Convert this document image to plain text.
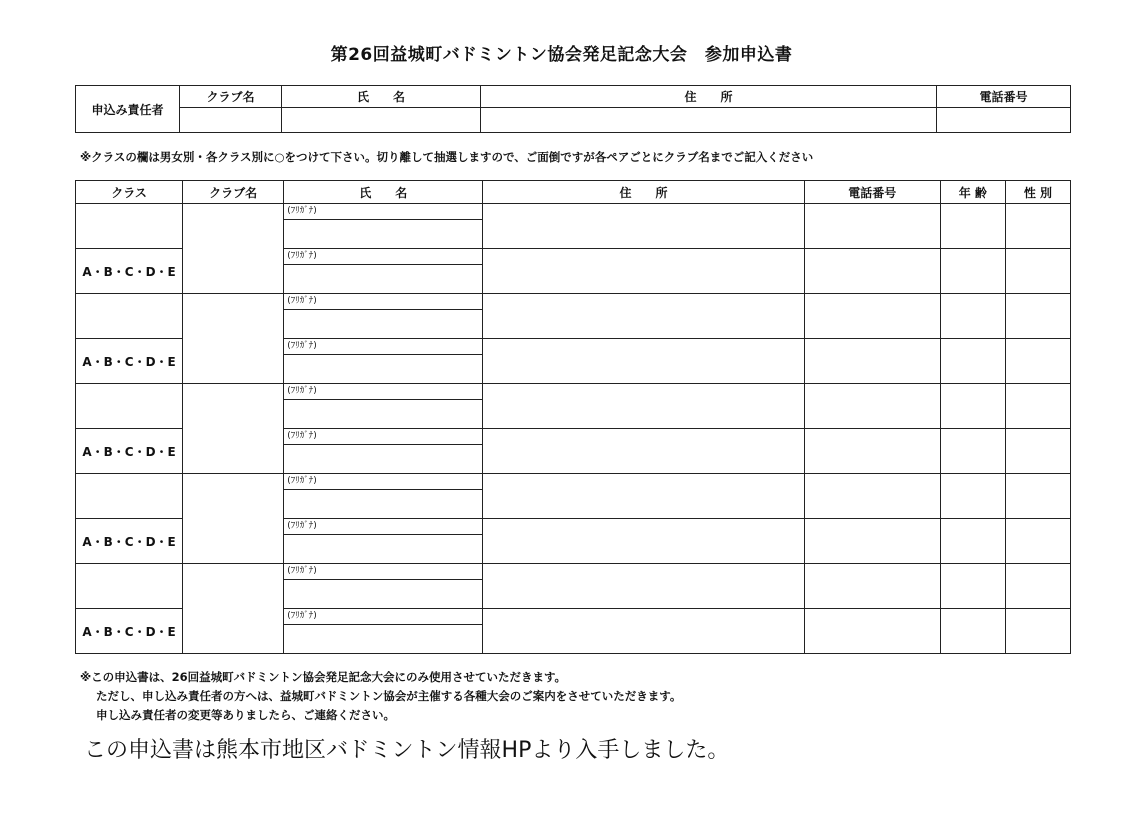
第26回益城町バドミントン協会発足記念大会　参加申込書
申込み責任者	クラブ名	氏　　名	住　　所	電話番号

※クラスの欄は男女別・各クラス別に○をつけて下さい。切り離して抽選しますので、ご面倒ですが各ペアごとにクラブ名までご記入ください
クラス	クラブ名	氏　　名	住　　所	電話番号	年 齢	性 別

		(ﾌﾘｶﾞﾅ)				

A・B・C・D・E		(ﾌﾘｶﾞﾅ)				

		(ﾌﾘｶﾞﾅ)				

A・B・C・D・E		(ﾌﾘｶﾞﾅ)				

		(ﾌﾘｶﾞﾅ)				

A・B・C・D・E		(ﾌﾘｶﾞﾅ)				

		(ﾌﾘｶﾞﾅ)				

A・B・C・D・E		(ﾌﾘｶﾞﾅ)				

		(ﾌﾘｶﾞﾅ)				

A・B・C・D・E		(ﾌﾘｶﾞﾅ)				

※この申込書は、26回益城町バドミントン協会発足記念大会にのみ使用させていただきます。
ただし、申し込み責任者の方へは、益城町バドミントン協会が主催する各種大会のご案内をさせていただきます。
申し込み責任者の変更等ありましたら、ご連絡ください。
この申込書は熊本市地区バドミントン情報HPより入手しました。
